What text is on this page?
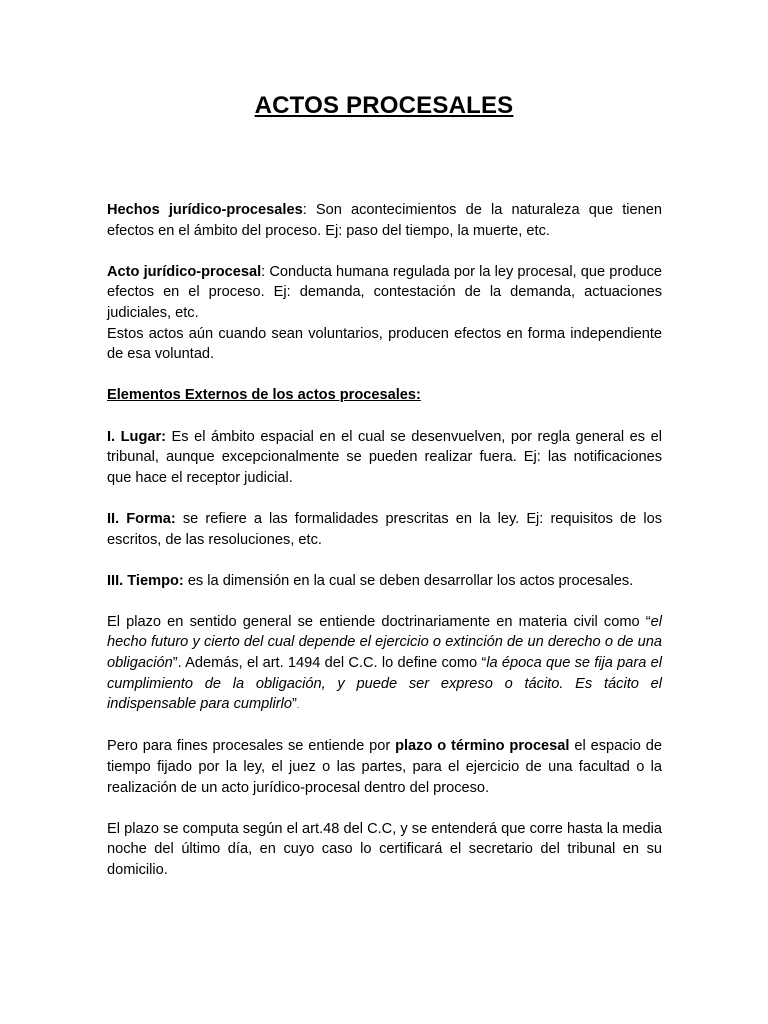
ACTOS PROCESALES

Hechos jurídico-procesales: Son acontecimientos de la naturaleza que tienen efectos en el ámbito del proceso. Ej: paso del tiempo, la muerte, etc.

Acto jurídico-procesal: Conducta humana regulada por la ley procesal, que produce efectos en el proceso. Ej: demanda, contestación de la demanda, actuaciones judiciales, etc.

Estos actos aún cuando sean voluntarios, producen efectos en forma independiente de esa voluntad.

Elementos Externos de los actos procesales:

I. Lugar: Es el ámbito espacial en el cual se desenvuelven, por regla general es el tribunal, aunque excepcionalmente se pueden realizar fuera. Ej: las notificaciones que hace el receptor judicial.

II. Forma: se refiere a las formalidades prescritas en la ley. Ej: requisitos de los escritos, de las resoluciones, etc.

III. Tiempo: es la dimensión en la cual se deben desarrollar los actos procesales.

El plazo en sentido general se entiende doctrinariamente en materia civil como “el hecho futuro y cierto del cual depende el ejercicio o extinción de un derecho o de una obligación”. Además, el art. 1494 del C.C. lo define como “la época que se fija para el cumplimiento de la obligación, y puede ser expreso o tácito. Es tácito el indispensable para cumplirlo”.

Pero para fines procesales se entiende por plazo o término procesal el espacio de tiempo fijado por la ley, el juez o las partes, para el ejercicio de una facultad o la realización de un acto jurídico-procesal dentro del proceso.

El plazo se computa según el art.48 del C.C, y se entenderá que corre hasta la media noche del último día, en cuyo caso lo certificará el secretario del tribunal en su domicilio.
